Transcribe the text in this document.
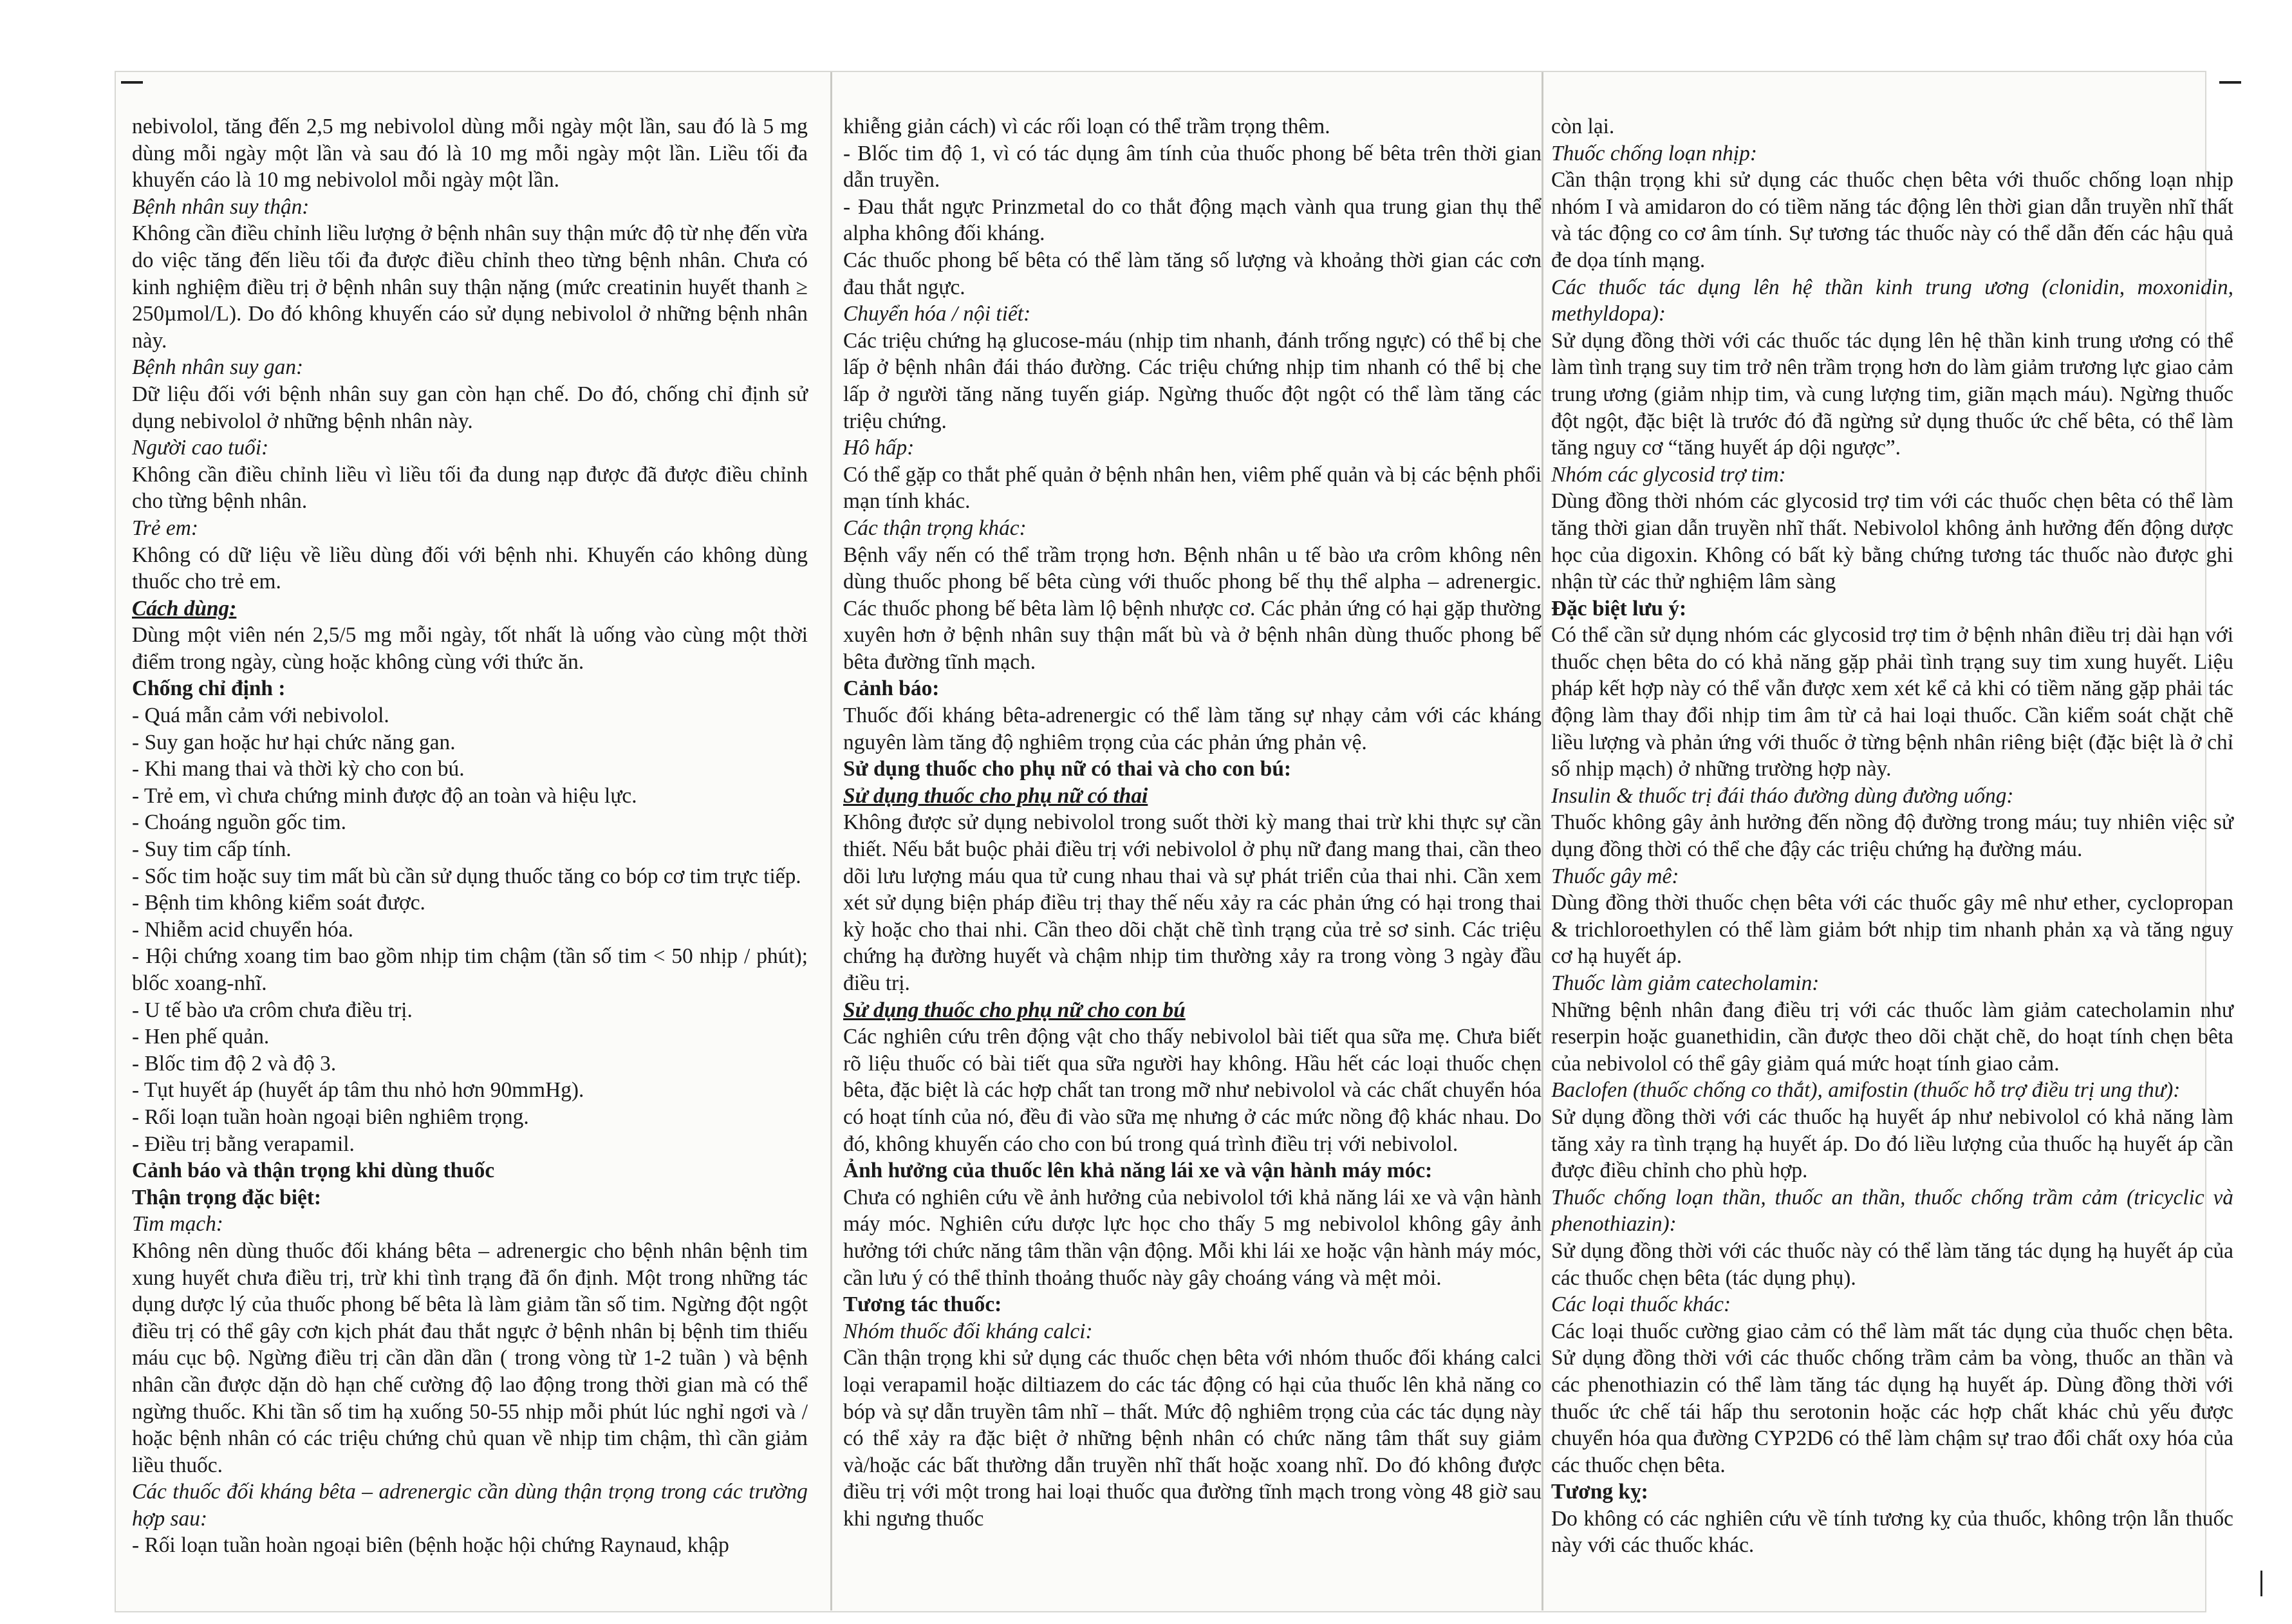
nebivolol, tăng đến 2,5 mg nebivolol dùng mỗi ngày một lần, sau đó là 5 mg dùng mỗi ngày một lần và sau đó là 10 mg mỗi ngày một lần. Liều tối đa khuyến cáo là 10 mg nebivolol mỗi ngày một lần.
Bệnh nhân suy thận:
Không cần điều chỉnh liều lượng ở bệnh nhân suy thận mức độ từ nhẹ đến vừa do việc tăng đến liều tối đa được điều chỉnh theo từng bệnh nhân. Chưa có kinh nghiệm điều trị ở bệnh nhân suy thận nặng (mức creatinin huyết thanh ≥ 250µmol/L). Do đó không khuyến cáo sử dụng nebivolol ở những bệnh nhân này.
Bệnh nhân suy gan:
Dữ liệu đối với bệnh nhân suy gan còn hạn chế. Do đó, chống chỉ định sử dụng nebivolol ở những bệnh nhân này.
Người cao tuổi:
Không cần điều chỉnh liều vì liều tối đa dung nạp được đã được điều chỉnh cho từng bệnh nhân.
Trẻ em:
Không có dữ liệu về liều dùng đối với bệnh nhi. Khuyến cáo không dùng thuốc cho trẻ em.
Cách dùng:
Dùng một viên nén 2,5/5 mg mỗi ngày, tốt nhất là uống vào cùng một thời điểm trong ngày, cùng hoặc không cùng với thức ăn.
Chống chỉ định :
- Quá mẫn cảm với nebivolol.
- Suy gan hoặc hư hại chức năng gan.
- Khi mang thai và thời kỳ cho con bú.
- Trẻ em, vì chưa chứng minh được độ an toàn và hiệu lực.
- Choáng nguồn gốc tim.
- Suy tim cấp tính.
- Sốc tim hoặc suy tim mất bù cần sử dụng thuốc tăng co bóp cơ tim trực tiếp.
- Bệnh tim không kiểm soát được.
- Nhiễm acid chuyển hóa.
- Hội chứng xoang tim bao gồm nhịp tim chậm (tần số tim < 50 nhịp / phút); blốc xoang-nhĩ.
- U tế bào ưa crôm chưa điều trị.
- Hen phế quản.
- Blốc tim độ 2 và độ 3.
- Tụt huyết áp (huyết áp tâm thu nhỏ hơn 90mmHg).
- Rối loạn tuần hoàn ngoại biên nghiêm trọng.
- Điều trị bằng verapamil.
Cảnh báo và thận trọng khi dùng thuốc
Thận trọng đặc biệt:
Tim mạch:
Không nên dùng thuốc đối kháng bêta – adrenergic cho bệnh nhân bệnh tim xung huyết chưa điều trị, trừ khi tình trạng đã ổn định. Một trong những tác dụng dược lý của thuốc phong bế bêta là làm giảm tần số tim. Ngừng đột ngột điều trị có thể gây cơn kịch phát đau thắt ngực ở bệnh nhân bị bệnh tim thiếu máu cục bộ. Ngừng điều trị cần dần dần ( trong vòng từ 1-2 tuần ) và bệnh nhân cần được dặn dò hạn chế cường độ lao động trong thời gian mà có thể ngừng thuốc. Khi tần số tim hạ xuống 50-55 nhịp mỗi phút lúc nghỉ ngơi và / hoặc bệnh nhân có các triệu chứng chủ quan về nhịp tim chậm, thì cần giảm liều thuốc.
Các thuốc đối kháng bêta – adrenergic cần dùng thận trọng trong các trường hợp sau:
- Rối loạn tuần hoàn ngoại biên (bệnh hoặc hội chứng Raynaud, khập
khiễng giản cách) vì các rối loạn có thể trầm trọng thêm.
- Blốc tim độ 1, vì có tác dụng âm tính của thuốc phong bế bêta trên thời gian dẫn truyền.
- Đau thắt ngực Prinzmetal do co thắt động mạch vành qua trung gian thụ thể alpha không đối kháng.
Các thuốc phong bế bêta có thể làm tăng số lượng và khoảng thời gian các cơn đau thắt ngực.
Chuyển hóa / nội tiết:
Các triệu chứng hạ glucose-máu (nhịp tim nhanh, đánh trống ngực) có thể bị che lấp ở bệnh nhân đái tháo đường. Các triệu chứng nhịp tim nhanh có thể bị che lấp ở người tăng năng tuyến giáp. Ngừng thuốc đột ngột có thể làm tăng các triệu chứng.
Hô hấp:
Có thể gặp co thắt phế quản ở bệnh nhân hen, viêm phế quản và bị các bệnh phổi mạn tính khác.
Các thận trọng khác:
Bệnh vẩy nến có thể trầm trọng hơn. Bệnh nhân u tế bào ưa crôm không nên dùng thuốc phong bế bêta cùng với thuốc phong bế thụ thể alpha – adrenergic. Các thuốc phong bế bêta làm lộ bệnh nhược cơ. Các phản ứng có hại gặp thường xuyên hơn ở bệnh nhân suy thận mất bù và ở bệnh nhân dùng thuốc phong bế bêta đường tĩnh mạch.
Cảnh báo:
Thuốc đối kháng bêta-adrenergic có thể làm tăng sự nhạy cảm với các kháng nguyên làm tăng độ nghiêm trọng của các phản ứng phản vệ.
Sử dụng thuốc cho phụ nữ có thai và cho con bú:
Sử dụng thuốc cho phụ nữ có thai
Không được sử dụng nebivolol trong suốt thời kỳ mang thai trừ khi thực sự cần thiết. Nếu bắt buộc phải điều trị với nebivolol ở phụ nữ đang mang thai, cần theo dõi lưu lượng máu qua tử cung nhau thai và sự phát triển của thai nhi. Cần xem xét sử dụng biện pháp điều trị thay thế nếu xảy ra các phản ứng có hại trong thai kỳ hoặc cho thai nhi. Cần theo dõi chặt chẽ tình trạng của trẻ sơ sinh. Các triệu chứng hạ đường huyết và chậm nhịp tim thường xảy ra trong vòng 3 ngày đầu điều trị.
Sử dụng thuốc cho phụ nữ cho con bú
Các nghiên cứu trên động vật cho thấy nebivolol bài tiết qua sữa mẹ. Chưa biết rõ liệu thuốc có bài tiết qua sữa người hay không. Hầu hết các loại thuốc chẹn bêta, đặc biệt là các hợp chất tan trong mỡ như nebivolol và các chất chuyển hóa có hoạt tính của nó, đều đi vào sữa mẹ nhưng ở các mức nồng độ khác nhau. Do đó, không khuyến cáo cho con bú trong quá trình điều trị với nebivolol.
Ảnh hưởng của thuốc lên khả năng lái xe và vận hành máy móc:
Chưa có nghiên cứu về ảnh hưởng của nebivolol tới khả năng lái xe và vận hành máy móc. Nghiên cứu dược lực học cho thấy 5 mg nebivolol không gây ảnh hưởng tới chức năng tâm thần vận động. Mỗi khi lái xe hoặc vận hành máy móc, cần lưu ý có thể thỉnh thoảng thuốc này gây choáng váng và mệt mỏi.
Tương tác thuốc:
Nhóm thuốc đối kháng calci:
Cần thận trọng khi sử dụng các thuốc chẹn bêta với nhóm thuốc đối kháng calci loại verapamil hoặc diltiazem do các tác động có hại của thuốc lên khả năng co bóp và sự dẫn truyền tâm nhĩ – thất. Mức độ nghiêm trọng của các tác dụng này có thể xảy ra đặc biệt ở những bệnh nhân có chức năng tâm thất suy giảm và/hoặc các bất thường dẫn truyền nhĩ thất hoặc xoang nhĩ. Do đó không được điều trị với một trong hai loại thuốc qua đường tĩnh mạch trong vòng 48 giờ sau khi ngưng thuốc
còn lại.
Thuốc chống loạn nhịp:
Cần thận trọng khi sử dụng các thuốc chẹn bêta với thuốc chống loạn nhịp nhóm I và amidaron do có tiềm năng tác động lên thời gian dẫn truyền nhĩ thất và tác động co cơ âm tính. Sự tương tác thuốc này có thể dẫn đến các hậu quả đe dọa tính mạng.
Các thuốc tác dụng lên hệ thần kinh trung ương (clonidin, moxonidin, methyldopa):
Sử dụng đồng thời với các thuốc tác dụng lên hệ thần kinh trung ương có thể làm tình trạng suy tim trở nên trầm trọng hơn do làm giảm trương lực giao cảm trung ương (giảm nhịp tim, và cung lượng tim, giãn mạch máu). Ngừng thuốc đột ngột, đặc biệt là trước đó đã ngừng sử dụng thuốc ức chế bêta, có thể làm tăng nguy cơ “tăng huyết áp dội ngược”.
Nhóm các glycosid trợ tim:
Dùng đồng thời nhóm các glycosid trợ tim với các thuốc chẹn bêta có thể làm tăng thời gian dẫn truyền nhĩ thất. Nebivolol không ảnh hưởng đến động dược học của digoxin. Không có bất kỳ bằng chứng tương tác thuốc nào được ghi nhận từ các thử nghiệm lâm sàng
Đặc biệt lưu ý:
Có thể cần sử dụng nhóm các glycosid trợ tim ở bệnh nhân điều trị dài hạn với thuốc chẹn bêta do có khả năng gặp phải tình trạng suy tim xung huyết. Liệu pháp kết hợp này có thể vẫn được xem xét kể cả khi có tiềm năng gặp phải tác động làm thay đổi nhịp tim âm từ cả hai loại thuốc. Cần kiểm soát chặt chẽ liều lượng và phản ứng với thuốc ở từng bệnh nhân riêng biệt (đặc biệt là ở chỉ số nhịp mạch) ở những trường hợp này.
Insulin & thuốc trị đái tháo đường dùng đường uống:
Thuốc không gây ảnh hưởng đến nồng độ đường trong máu; tuy nhiên việc sử dụng đồng thời có thể che đậy các triệu chứng hạ đường máu.
Thuốc gây mê:
Dùng đồng thời thuốc chẹn bêta với các thuốc gây mê như ether, cyclopropan & trichloroethylen có thể làm giảm bớt nhịp tim nhanh phản xạ và tăng nguy cơ hạ huyết áp.
Thuốc làm giảm catecholamin:
Những bệnh nhân đang điều trị với các thuốc làm giảm catecholamin như reserpin hoặc guanethidin, cần được theo dõi chặt chẽ, do hoạt tính chẹn bêta của nebivolol có thể gây giảm quá mức hoạt tính giao cảm.
Baclofen (thuốc chống co thắt), amifostin (thuốc hỗ trợ điều trị ung thư):
Sử dụng đồng thời với các thuốc hạ huyết áp như nebivolol có khả năng làm tăng xảy ra tình trạng hạ huyết áp. Do đó liều lượng của thuốc hạ huyết áp cần được điều chỉnh cho phù hợp.
Thuốc chống loạn thần, thuốc an thần, thuốc chống trầm cảm (tricyclic và phenothiazin):
Sử dụng đồng thời với các thuốc này có thể làm tăng tác dụng hạ huyết áp của các thuốc chẹn bêta (tác dụng phụ).
Các loại thuốc khác:
Các loại thuốc cường giao cảm có thể làm mất tác dụng của thuốc chẹn bêta. Sử dụng đồng thời với các thuốc chống trầm cảm ba vòng, thuốc an thần và các phenothiazin có thể làm tăng tác dụng hạ huyết áp. Dùng đồng thời với thuốc ức chế tái hấp thu serotonin hoặc các hợp chất khác chủ yếu được chuyển hóa qua đường CYP2D6 có thể làm chậm sự trao đổi chất oxy hóa của các thuốc chẹn bêta.
Tương kỵ:
Do không có các nghiên cứu về tính tương kỵ của thuốc, không trộn lẫn thuốc này với các thuốc khác.
